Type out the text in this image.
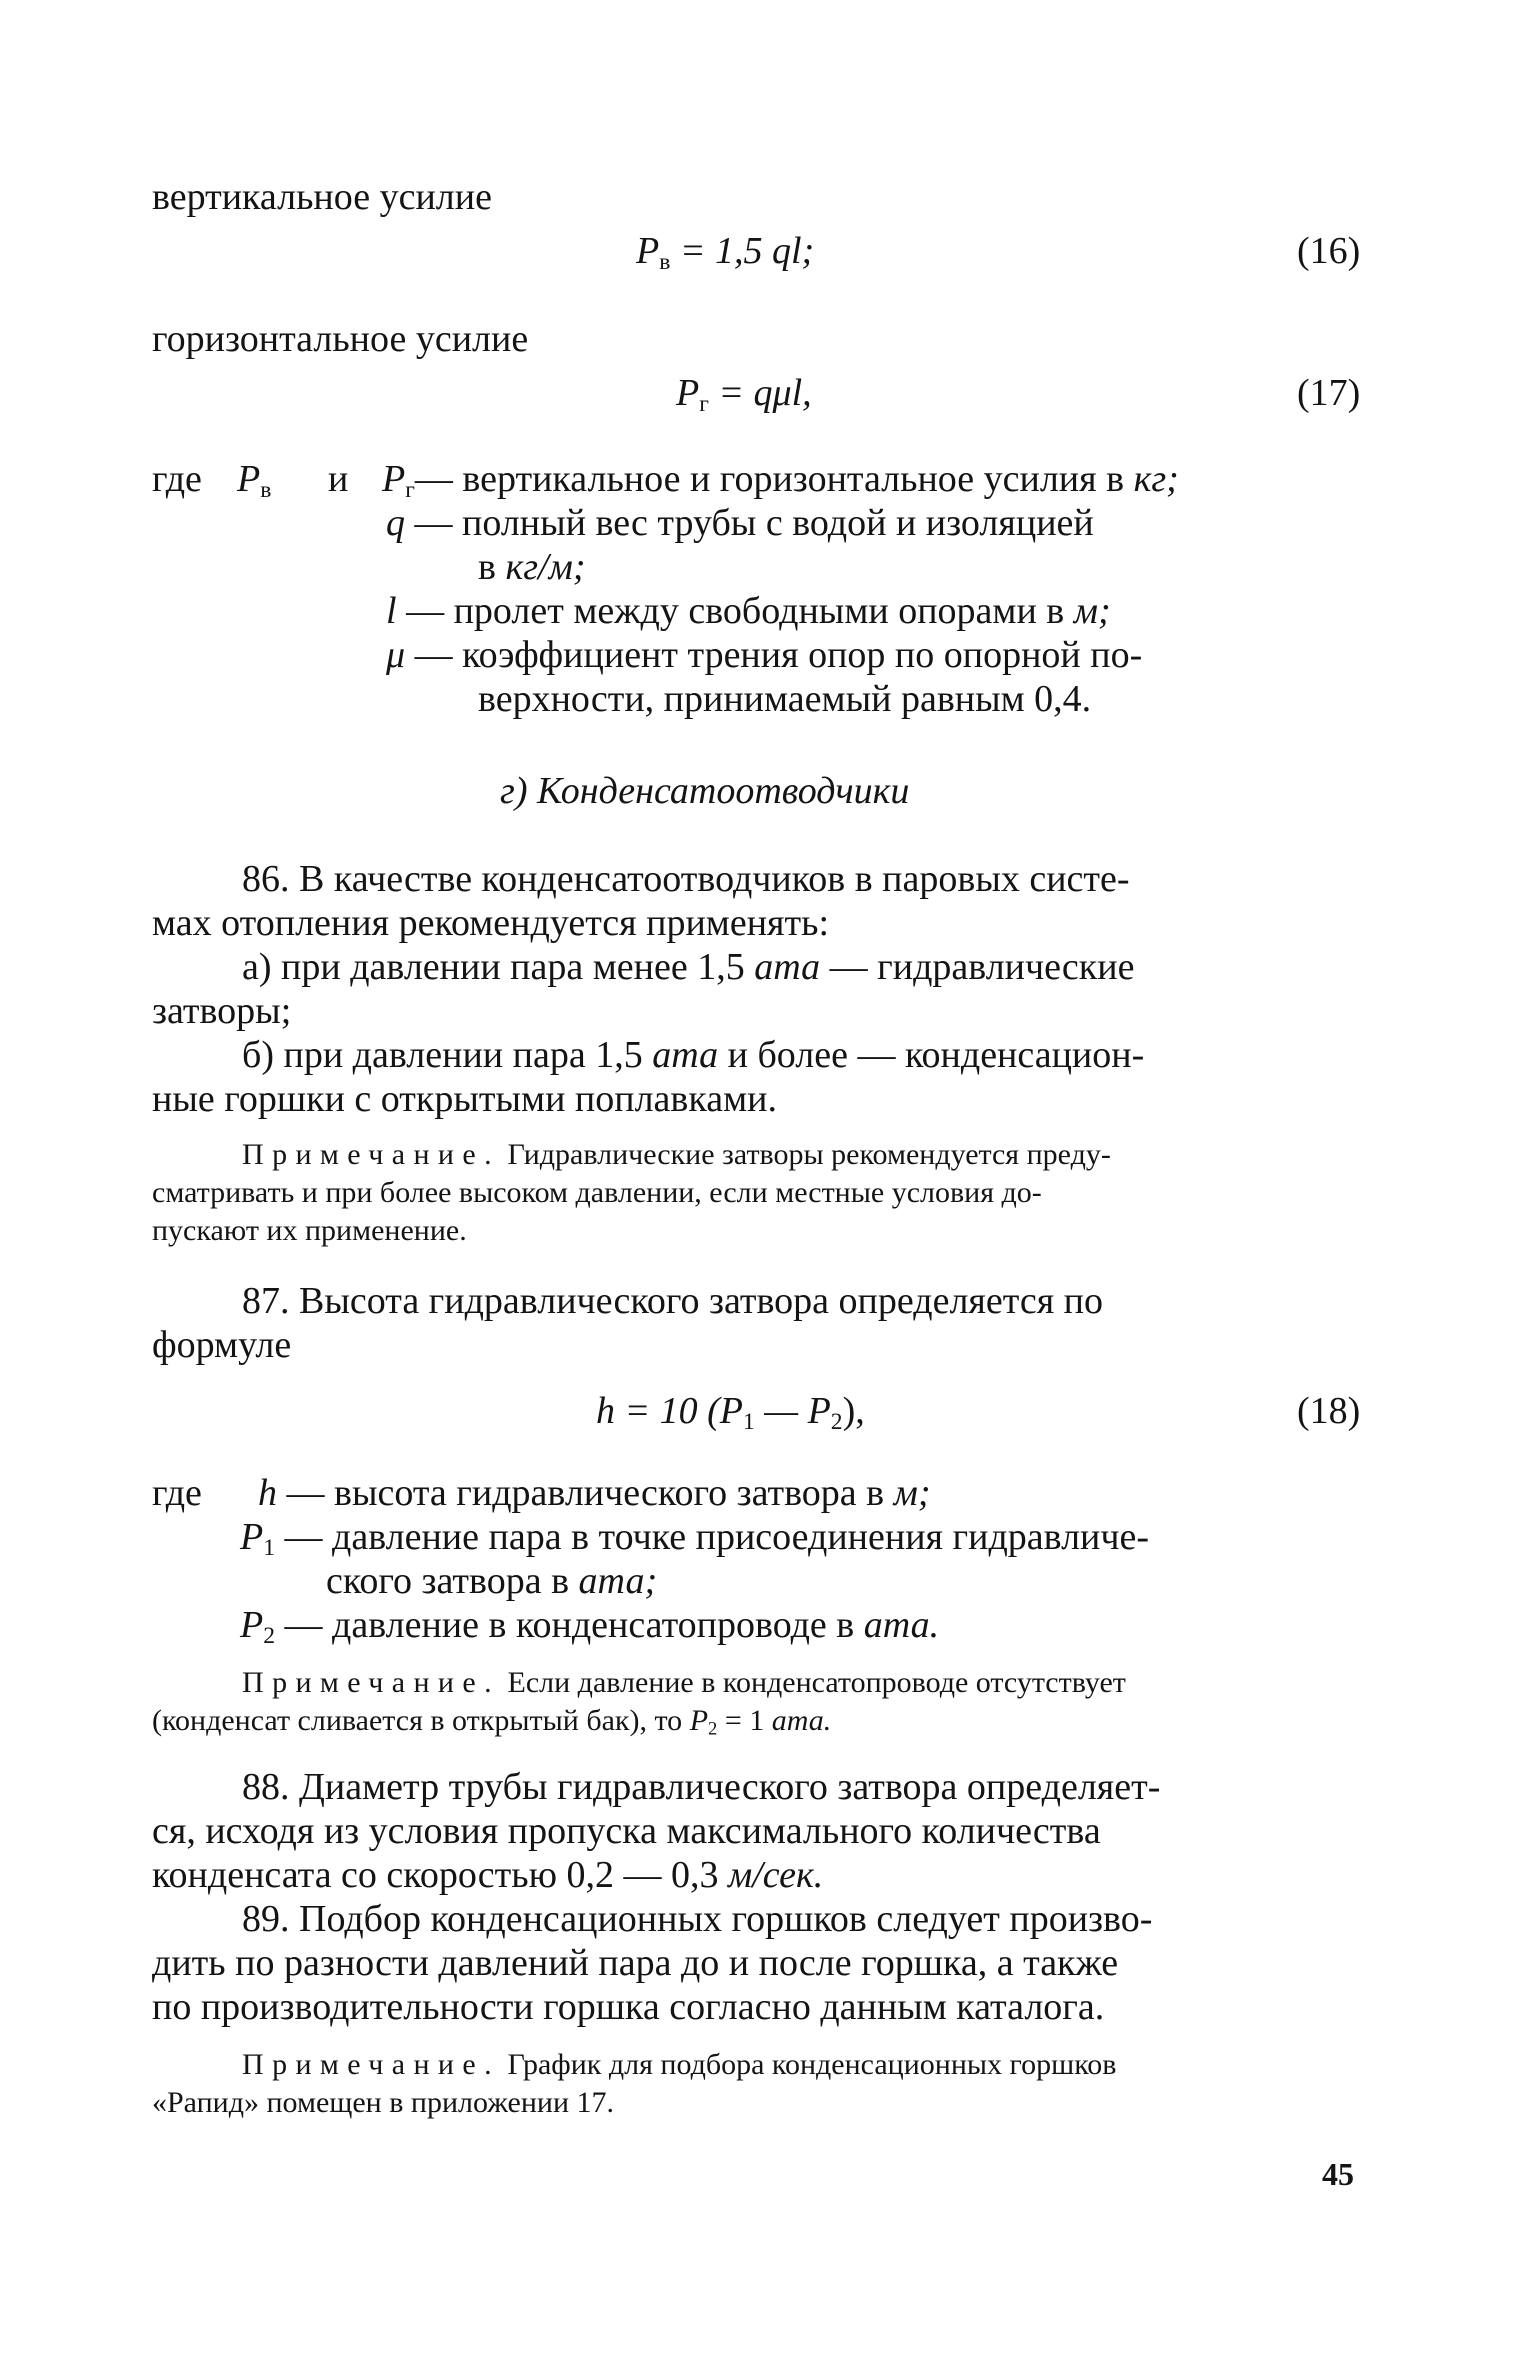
вертикальное усилие
$P_в = 1,5$ ql;	(16)
горизонтальное усилие
$P_г = q\mu l$,	(17)
где $P_в$ и $P_г—$ вертикальное и горизонтальное усилия в кг;
q — полный вес трубы с водой и изоляцией
в кг/м;
l — пролет между свободными опорами в м;
μ — коэффициент трения опор по опорной по-
верхности, принимаемый равным 0,4.
г) Конденсатоотводчики
86. В качестве конденсатоотводчиков в паровых систе-
мах отопления рекомендуется применять:
а) при давлении пара менее 1,5 ата — гидравлические
затворы;
б) при давлении пара 1,5 ата и более — конденсацион-
ные горшки с открытыми поплавками.
Примечание. Гидравлические затворы рекомендуется преду-
сматривать и при более высоком давлении, если местные условия до-
пускают их применение.
87. Высота гидравлического затвора определяется по
формуле
h = 10 ($P_1$ — $P_2$),	(18)
где h — высота гидравлического затвора в м;
$P_1$ — давление пара в точке присоединения гидравличе-
ского затвора в ата;
$P_2$ — давление в конденсатопроводе в ата.
Примечание. Если давление в конденсатопроводе отсутствует
(конденсат сливается в открытый бак), то $P_2 = 1$ ата.
88. Диаметр трубы гидравлического затвора определяет-
ся, исходя из условия пропуска максимального количества
конденсата со скоростью 0,2 — 0,3 м/сек.
89. Подбор конденсационных горшков следует произво-
дить по разности давлений пара до и после горшка, а также
по производительности горшка согласно данным каталога.
Примечание. График для подбора конденсационных горшков
«Рапид» помещен в приложении 17.
45
